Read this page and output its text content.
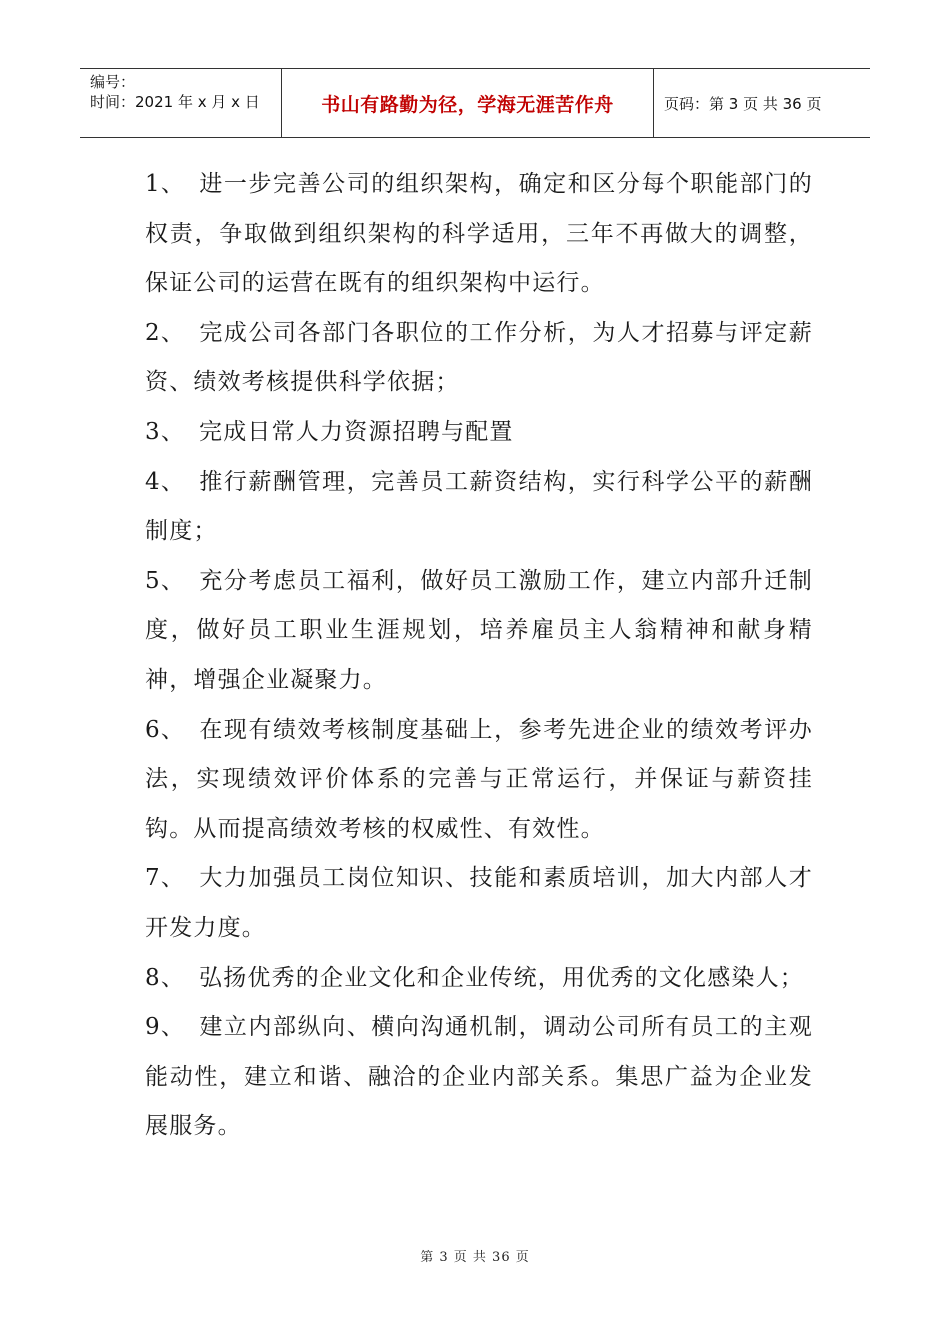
编号：
时间：2021 年 x 月 x 日	书山有路勤为径，学海无涯苦作舟	页码：第 3 页 共 36 页

1、 进一步完善公司的组织架构，确定和区分每个职能部门的权责，争取做到组织架构的科学适用，三年不再做大的调整，保证公司的运营在既有的组织架构中运行。

2、 完成公司各部门各职位的工作分析，为人才招募与评定薪资、绩效考核提供科学依据；

3、 完成日常人力资源招聘与配置

4、 推行薪酬管理，完善员工薪资结构，实行科学公平的薪酬制度；

5、 充分考虑员工福利，做好员工激励工作，建立内部升迁制度，做好员工职业生涯规划，培养雇员主人翁精神和献身精神，增强企业凝聚力。

6、 在现有绩效考核制度基础上，参考先进企业的绩效考评办法，实现绩效评价体系的完善与正常运行，并保证与薪资挂钩。从而提高绩效考核的权威性、有效性。

7、 大力加强员工岗位知识、技能和素质培训，加大内部人才开发力度。

8、 弘扬优秀的企业文化和企业传统，用优秀的文化感染人；

9、 建立内部纵向、横向沟通机制，调动公司所有员工的主观能动性，建立和谐、融洽的企业内部关系。集思广益为企业发展服务。

第 3 页 共 36 页
